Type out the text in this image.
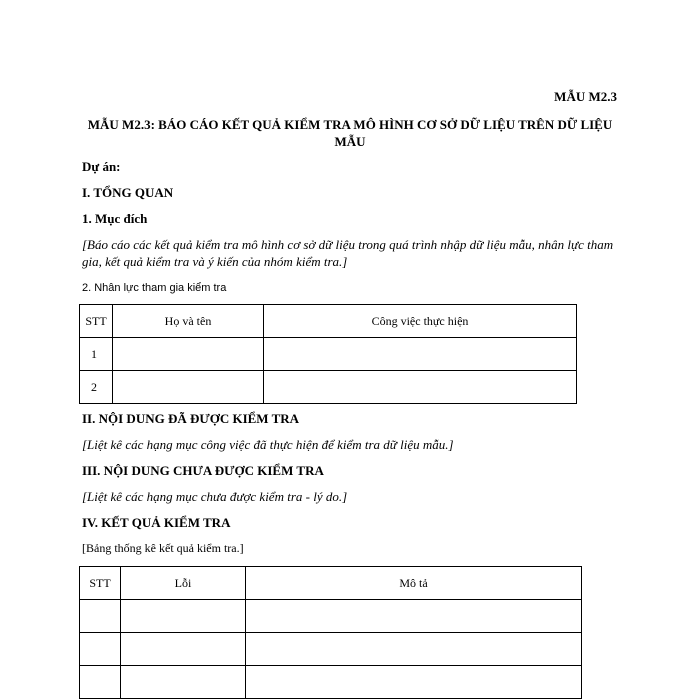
MẪU M2.3
MẪU M2.3: BÁO CÁO KẾT QUẢ KIỂM TRA MÔ HÌNH CƠ SỞ DỮ LIỆU TRÊN DỮ LIỆU MẪU
Dự án:
I. TỔNG QUAN
1. Mục đích
[Báo cáo các kết quả kiểm tra mô hình cơ sở dữ liệu trong quá trình nhập dữ liệu mẫu, nhân lực tham gia, kết quả kiểm tra và ý kiến của nhóm kiểm tra.]
2. Nhân lực tham gia kiểm tra
STT	Họ và tên	Công việc thực hiện
1		
2		
II. NỘI DUNG ĐÃ ĐƯỢC KIỂM TRA
[Liệt kê các hạng mục công việc đã thực hiện để kiểm tra dữ liệu mẫu.]
III. NỘI DUNG CHƯA ĐƯỢC KIỂM TRA
[Liệt kê các hạng mục chưa được kiểm tra - lý do.]
IV. KẾT QUẢ KIỂM TRA
[Bảng thống kê kết quả kiểm tra.]
STT	Lỗi	Mô tả
